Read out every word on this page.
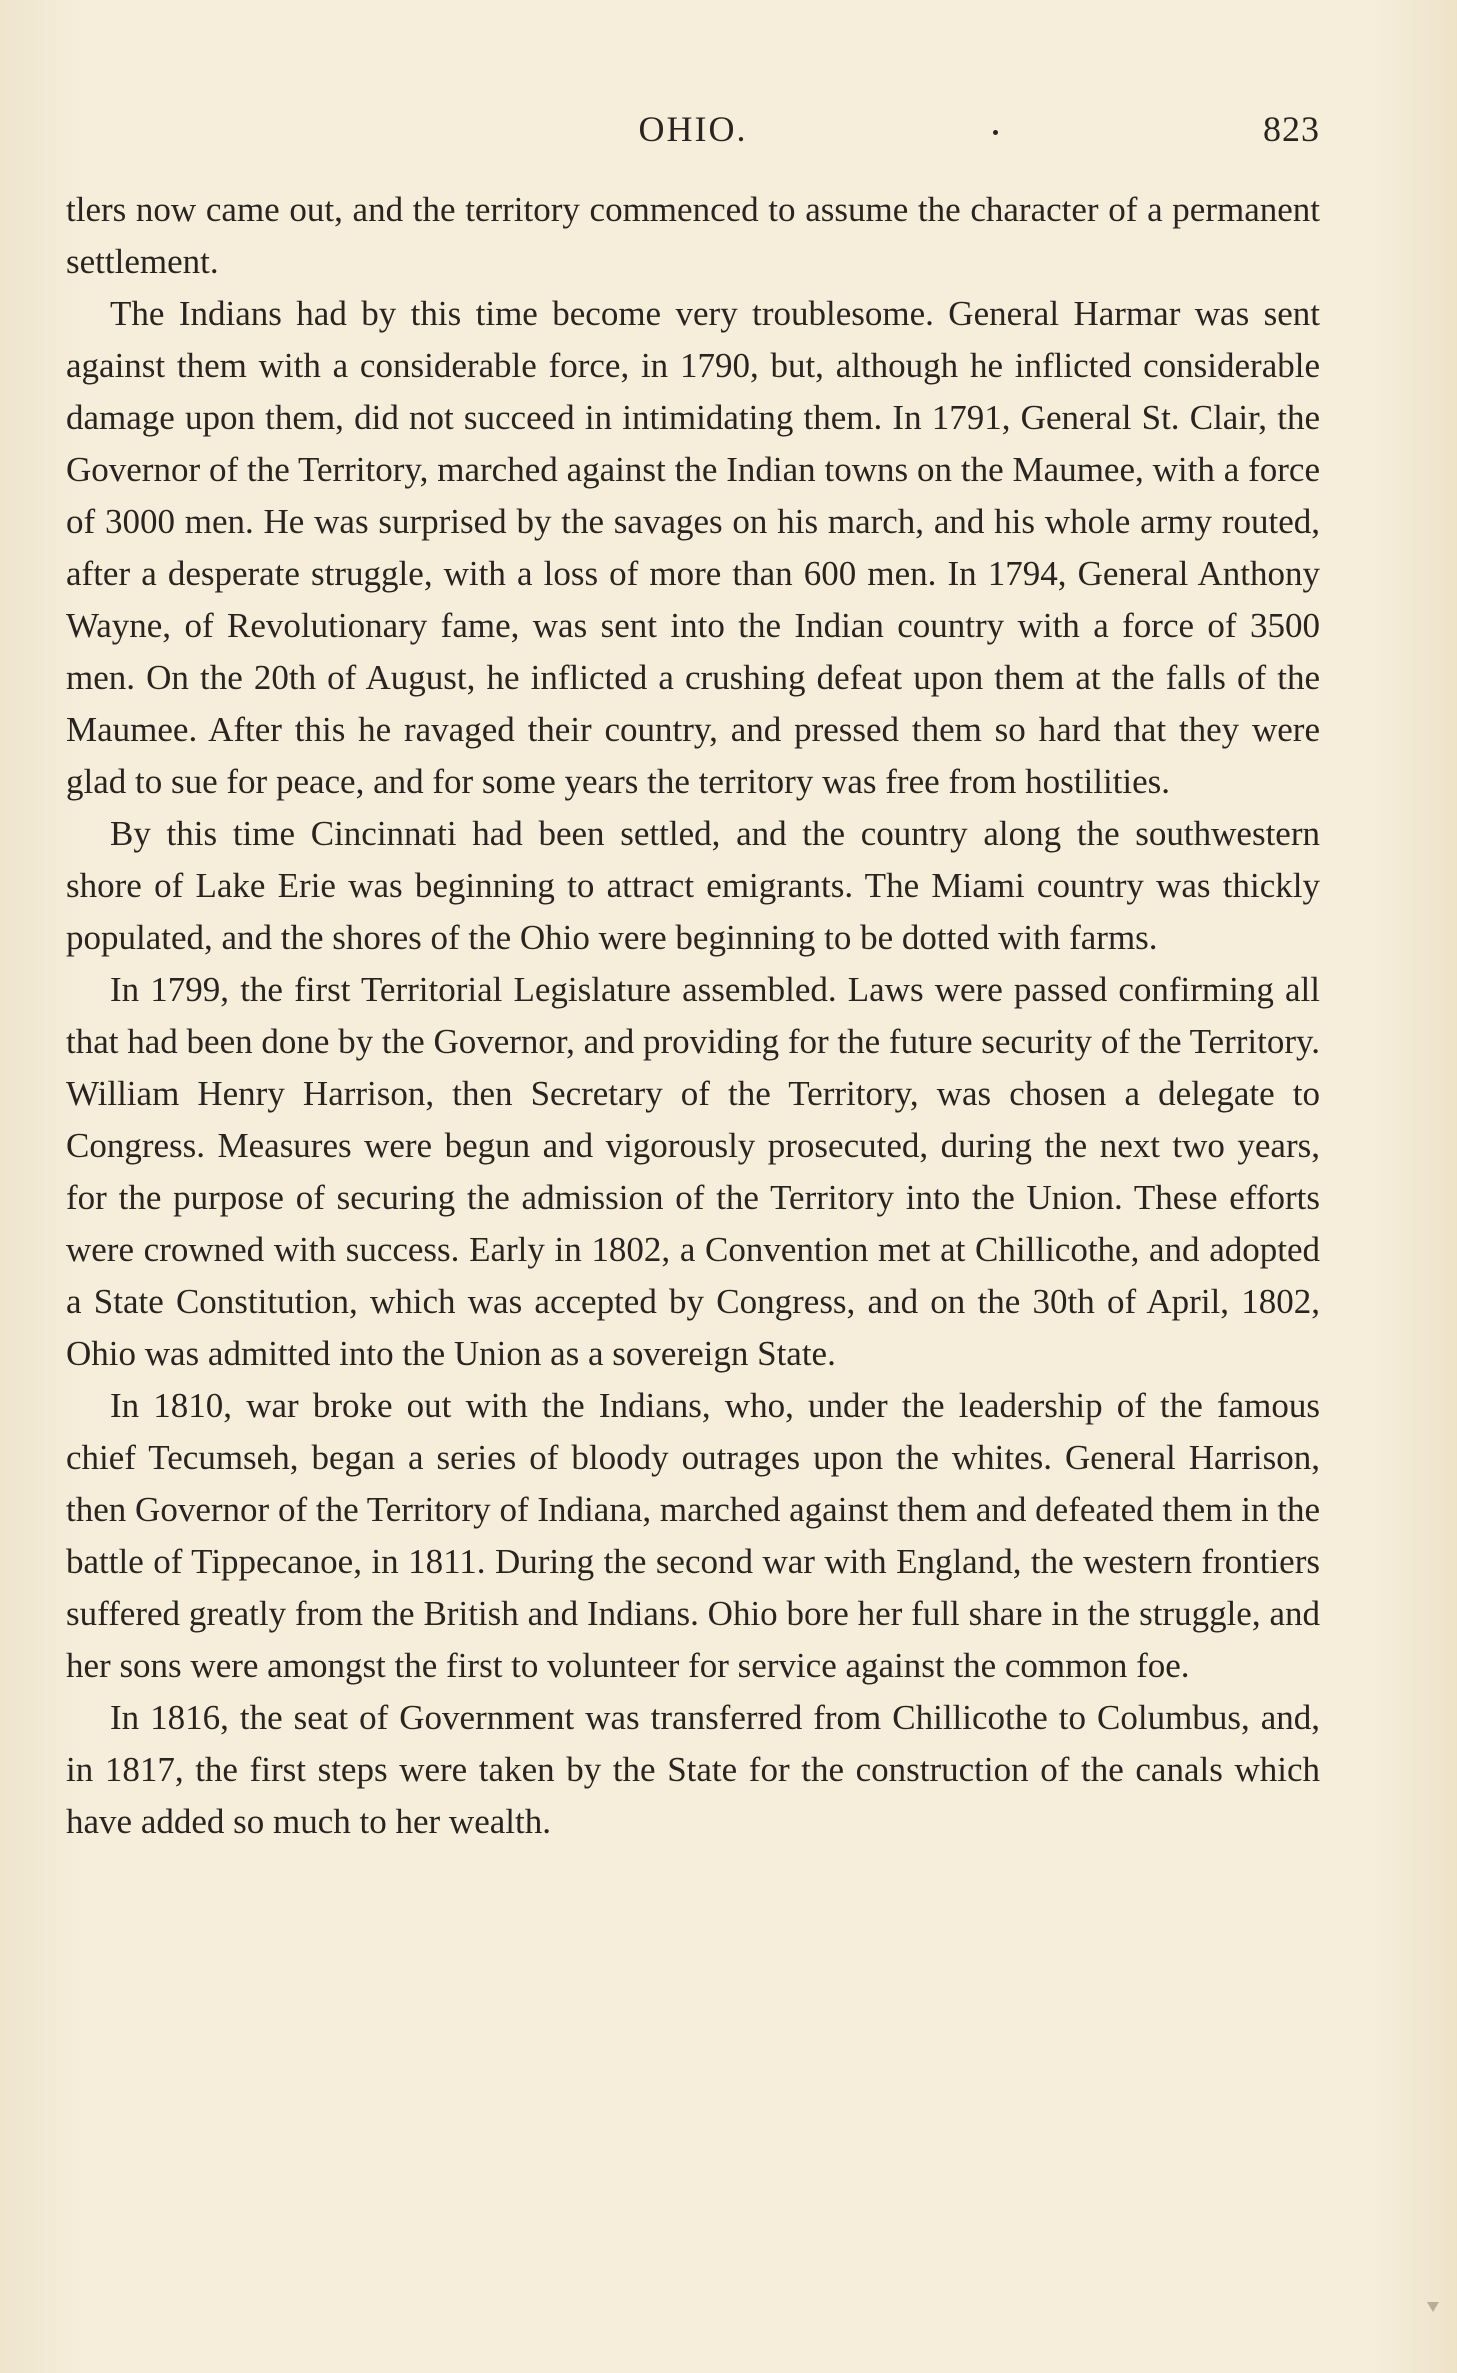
OHIO.	823

tlers now came out, and the territory commenced to assume the character of a permanent settlement.

The Indians had by this time become very troublesome. General Harmar was sent against them with a considerable force, in 1790, but, although he inflicted considerable damage upon them, did not succeed in intimidating them. In 1791, General St. Clair, the Governor of the Territory, marched against the Indian towns on the Maumee, with a force of 3000 men. He was surprised by the savages on his march, and his whole army routed, after a desperate struggle, with a loss of more than 600 men. In 1794, General Anthony Wayne, of Revolutionary fame, was sent into the Indian country with a force of 3500 men. On the 20th of August, he inflicted a crushing defeat upon them at the falls of the Maumee. After this he ravaged their country, and pressed them so hard that they were glad to sue for peace, and for some years the territory was free from hostilities.

By this time Cincinnati had been settled, and the country along the southwestern shore of Lake Erie was beginning to attract emigrants. The Miami country was thickly populated, and the shores of the Ohio were beginning to be dotted with farms.

In 1799, the first Territorial Legislature assembled. Laws were passed confirming all that had been done by the Governor, and providing for the future security of the Territory. William Henry Harrison, then Secretary of the Territory, was chosen a delegate to Congress. Measures were begun and vigorously prosecuted, during the next two years, for the purpose of securing the admission of the Territory into the Union. These efforts were crowned with success. Early in 1802, a Convention met at Chillicothe, and adopted a State Constitution, which was accepted by Congress, and on the 30th of April, 1802, Ohio was admitted into the Union as a sovereign State.

In 1810, war broke out with the Indians, who, under the leadership of the famous chief Tecumseh, began a series of bloody outrages upon the whites. General Harrison, then Governor of the Territory of Indiana, marched against them and defeated them in the battle of Tippecanoe, in 1811. During the second war with England, the western frontiers suffered greatly from the British and Indians. Ohio bore her full share in the struggle, and her sons were amongst the first to volunteer for service against the common foe.

In 1816, the seat of Government was transferred from Chillicothe to Columbus, and, in 1817, the first steps were taken by the State for the construction of the canals which have added so much to her wealth.
